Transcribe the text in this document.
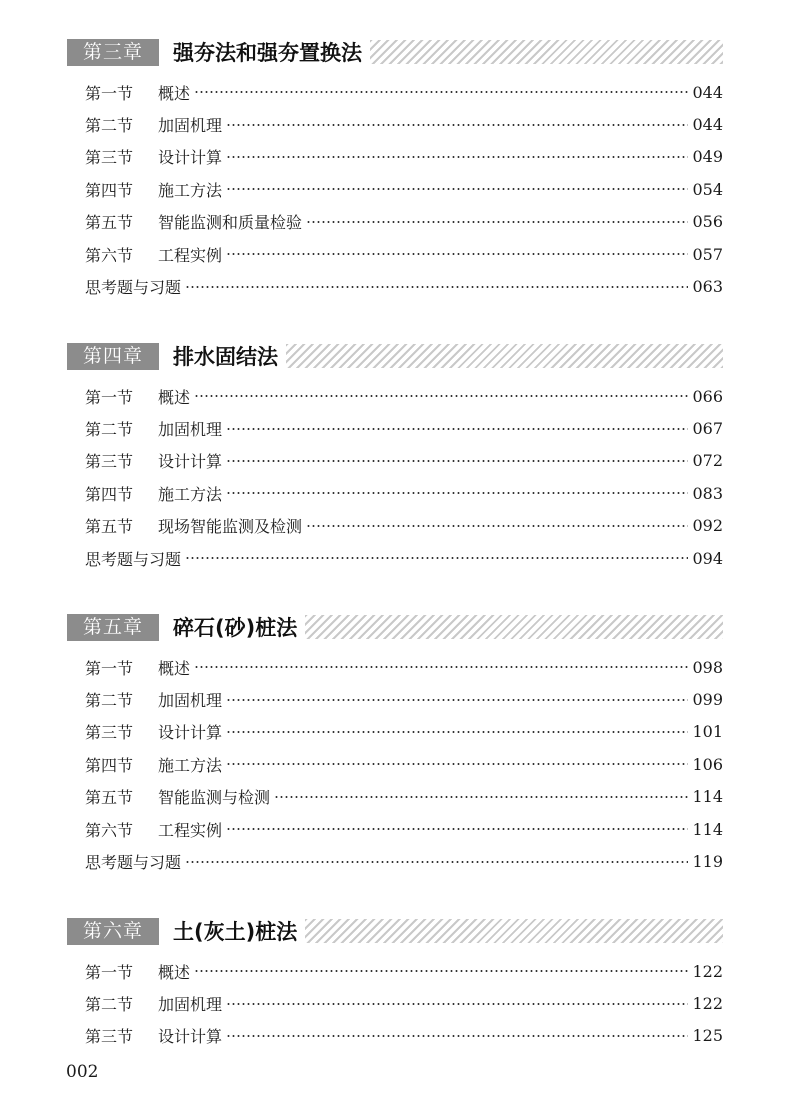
第三章	强夯法和强夯置换法
第一节 概述	044
第二节 加固机理	044
第三节 设计计算	049
第四节 施工方法	054
第五节 智能监测和质量检验	056
第六节 工程实例	057
思考题与习题	063
第四章	排水固结法
第一节 概述	066
第二节 加固机理	067
第三节 设计计算	072
第四节 施工方法	083
第五节 现场智能监测及检测	092
思考题与习题	094
第五章	碎石(砂)桩法
第一节 概述	098
第二节 加固机理	099
第三节 设计计算	101
第四节 施工方法	106
第五节 智能监测与检测	114
第六节 工程实例	114
思考题与习题	119
第六章	土(灰土)桩法
第一节 概述	122
第二节 加固机理	122
第三节 设计计算	125
002
